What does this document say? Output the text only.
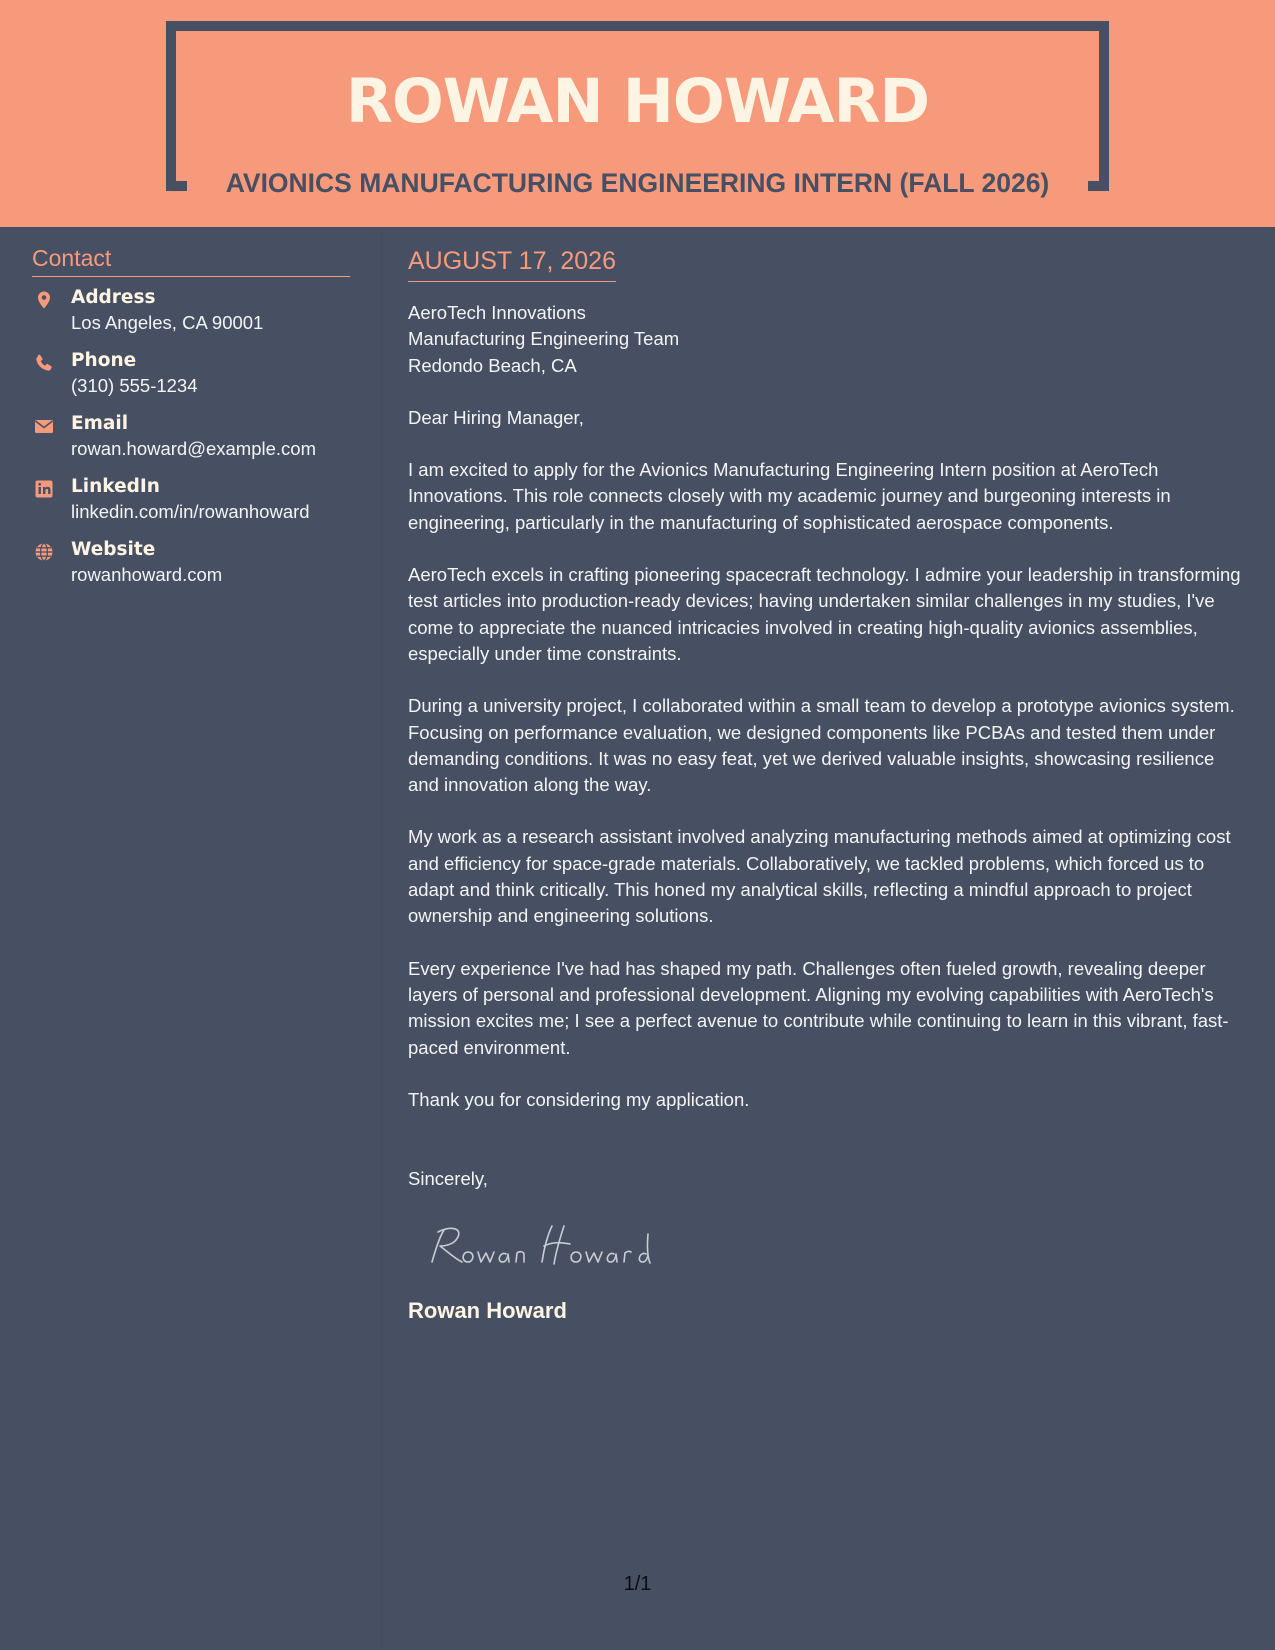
ROWAN HOWARD
AVIONICS MANUFACTURING ENGINEERING INTERN (FALL 2026)
Contact
Address
Los Angeles, CA 90001
Phone
(310) 555-1234
Email
rowan.howard@example.com
LinkedIn
linkedin.com/in/rowanhoward
Website
rowanhoward.com
AUGUST 17, 2026

AeroTech Innovations

Manufacturing Engineering Team

Redondo Beach, CA

Dear Hiring Manager,

I am excited to apply for the Avionics Manufacturing Engineering Intern position at AeroTech Innovations. This role connects closely with my academic journey and burgeoning interests in engineering, particularly in the manufacturing of sophisticated aerospace components.

AeroTech excels in crafting pioneering spacecraft technology. I admire your leadership in transforming test articles into production-ready devices; having undertaken similar challenges in my studies, I've come to appreciate the nuanced intricacies involved in creating high-quality avionics assemblies, especially under time constraints.

During a university project, I collaborated within a small team to develop a prototype avionics system. Focusing on performance evaluation, we designed components like PCBAs and tested them under demanding conditions. It was no easy feat, yet we derived valuable insights, showcasing resilience and innovation along the way.

My work as a research assistant involved analyzing manufacturing methods aimed at optimizing cost and efficiency for space-grade materials. Collaboratively, we tackled problems, which forced us to adapt and think critically. This honed my analytical skills, reflecting a mindful approach to project ownership and engineering solutions.

Every experience I've had has shaped my path. Challenges often fueled growth, revealing deeper layers of personal and professional development. Aligning my evolving capabilities with AeroTech's mission excites me; I see a perfect avenue to contribute while continuing to learn in this vibrant, fast-paced environment.

Thank you for considering my application.

Sincerely,

Rowan Howard
1/1
